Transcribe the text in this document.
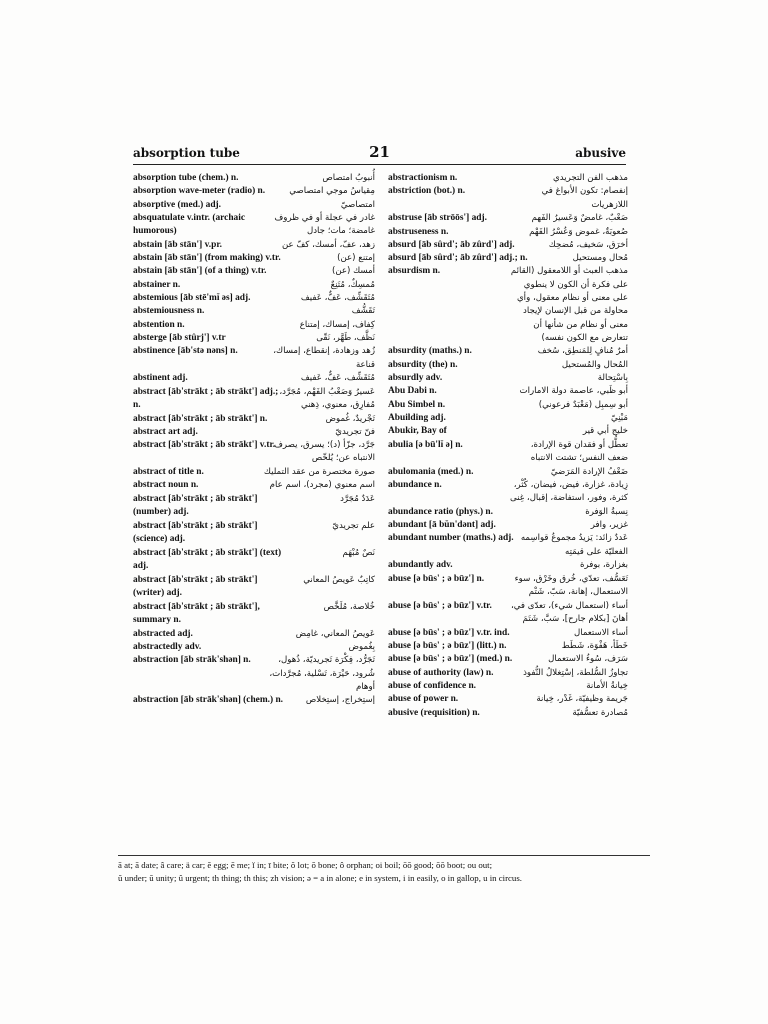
absorption tube	21	abusive
absorption tube (chem.) n.	أُنبوبُ امتصاص
absorption wave-meter (radio) n.	مِقياسُ موجي امتصاصي
absorptive (med.) adj.	امتصاصيّ
absquatulate v.intr. (archaic humorous)
غادر في عجلة أو في ظروف غامضة؛ مات؛ جادل
abstain [āb stān'] v.pr.	زهد، عفّ، أمسك، كفّ عن
abstain [āb stān'] (from making) v.tr.	إمتنع (عن)
abstain [āb stān'] (of a thing) v.tr.	أمسك (عن)
abstainer n.	مُمسِكٌ، مُتَنِعٌ
abstemious [āb stē'mĭ əs] adj.	مُتَقَشِّف، عَفٌّ، عَفيف
abstemiousness n.	تَقَشُّف
abstention n.	كِفاف، إمساك، إمتناع
absterge [āb stûrj'] v.tr	نَظَّف، طَهَّر، نَقّى
abstinence [āb'stə nəns] n.	زُهد وزهادة، إنقطاع، إمساك، قناعة
abstinent adj.	مُتَقَشِّف، عَفٌّ، عَفيف
abstract [āb'strākt ; āb strākt'] adj.; n.
عَسيرُ وَصَعْبُ الفَهْم، مُجَرَّد، مُفارِق، معنوي، ذِهني
abstract [āb'strākt ; āb strākt'] n.	تَجْريدٌ، غُموض
abstract art adj.	فنّ تجريديّ
abstract [āb'strākt ; āb strākt'] v.tr.
جَرَّد، جزّأ (د)؛ يسرق، يصرف الانتباه عن؛ يُلخّص
abstract of title n.	صورة مختصرة من عقد التمليك
abstract noun n.	اسم معنوي (مجرد)، اسم عام
abstract [āb'strākt ; āb strākt'] (number) adj.
عَدَدٌ مُجَرَّد
abstract [āb'strākt ; āb strākt'] (science) adj.
علم تجريديّ
abstract [āb'strākt ; āb strākt'] (text) adj.
نَصٌ مُبْهَم
abstract [āb'strākt ; āb strākt'](writer) adj.
كاتِبٌ عَويصُ المعاني
abstract [āb'strākt ; āb strākt'], summary n.
خُلاصة، مُلَخَّص
abstracted adj.	عَويصُ المعاني، غامِض
abstractedly adv.	بِغُموض
abstraction [āb strāk'shən] n.	تَجَرُّد، فِكْرَة تَجريديّة، ذُهول، شُرود، حَيْرَة، تَسْلية، مُجرَّدات، أوهام
abstraction [āb strāk'shən] (chem.) n.	إستِخراج، إستِخلاص
abstractionism n.	مذهب الفن التجريدي
abstriction (bot.) n.	إنفصام: تكون الأبواغ في اللازهريات
abstruse [āb strōōs'] adj.	صَعْبٌ، غامضٌ وَعَسيرُ الفَهم
abstruseness n.	صُعوبَةٌ، غموض وَعُسْرُ الفَهْم
absurd [āb sûrd'; āb zûrd'] adj.	أخرَق، سَخيف، مُضحِك
absurd [āb sûrd'; āb zûrd'] adj.; n.	مُحال ومستحيل
absurdism n.	مذهب العبث أو اللامعقول (القائم على فكرة أن الكون لا ينطوي على معنى أو نظام معقول، وأي محاولة من قبل الإنسان لإيجاد معنى أو نظام من شأنها أن تتعارض مع الكون نفسه)
absurdity (maths.) n.	أمرٌ مُنافٍ لِلمَنطِق، سُخف
absurdity (the) n.	المُحال والمُستحيل
absurdly adv.	بِاسْتِحالة
Abu Dabi n.	أبو ظَبي، عاصمة دولة الامارات
Abu Simbel n.	أبو سِمبِل (مَعْبَدٌ فرعوني)
Abuilding adj.	مَبْنِيّ
Abukir, Bay of	خليج أبي قير
abulia [ə bū'lĭ ə] n.	تعطُّل أو فقدان قوة الإرادة، ضعف النفس؛ تشتت الانتباه
abulomania (med.) n.	ضَعْفُ الإرادة المَرَضيّ
abundance n.	زِيادة، غزارة، فيض، فيضان، كُثْر، كثرة، وفور، استفاضة، إقبال، غِنى
abundance ratio (phys.) n.	نِسبةُ الوَفرة
abundant [ā bŭn'dənt] adj.	غزير، وافر
abundant number (maths.) adj. عَددٌ زائد: يَزيدُ مجموعُ قواسِمه الفعليّة على قيمَتِه
abundantly adv.	بغزارة، بوفرة
abuse [ə būs' ; ə būz'] n.	تَعَسُّف، تعدّي، خُرق وخَرْق، سوء الاستعمال، إهانة، سَبّ، شَتْم
abuse [ə būs' ; ə būz'] v.tr.	أساء (استعمال شيء)، تعدّى في، أهانَ [بكلام جارح]، سَبَّ، شَتَمَ
abuse [ə būs' ; ə būz'] v.tr. ind.	أساء الاستعمال
abuse [ə būs' ; ə būz'] (litt.) n.	خَطَأ، هَفْوَة، شَطَط
abuse [ə būs' ; ə būz'] (med.) n.	سَرَف، سُوءُ الاستعمال
abuse of authority (law) n.	تجاوزُ السُّلطة، إسْتِغلالُ النُّفوذ
abuse of confidence n.	خِيانةُ الأمانة
abuse of power n.	جَريمة وظيفيّة، غَدْر، خِيانة
abusive (requisition) n.	مُصادرة تعسُّفيّة
ā at; ā date; â care; ä car; ĕ egg; ē me; ĭ in; ī bite; ŏ lot; ō bone; ô orphan; oi boil; ōō good; ōō boot; ou out;
ŭ under; ū unity; û urgent; th thing; th this; zh vision; ə = a in alone; e in system, i in easily, o in gallop, u in circus.
